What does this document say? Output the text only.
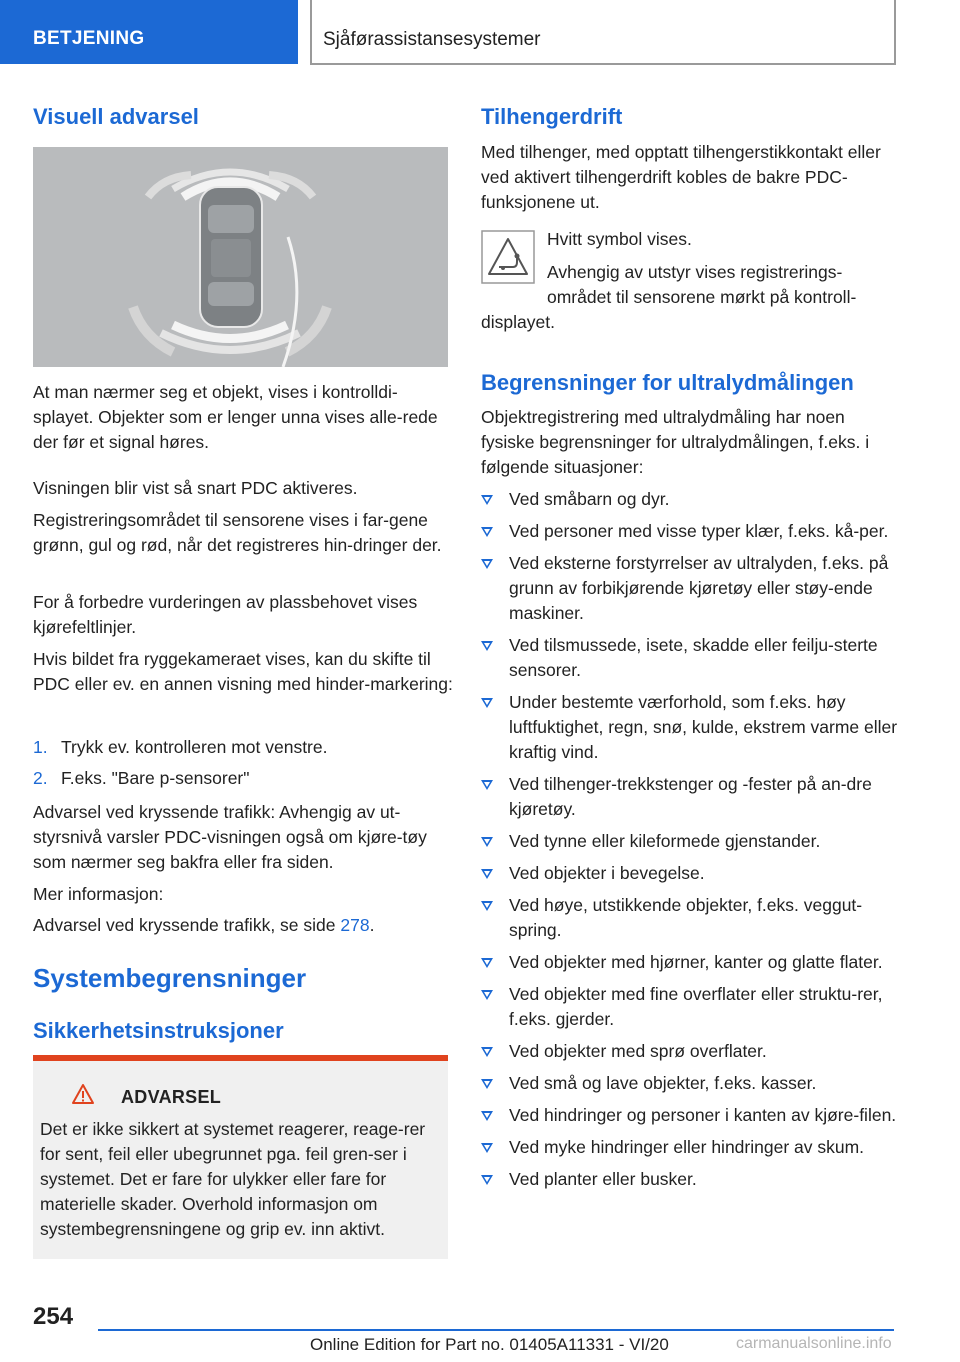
BETJENING	Sjåførassistansesystemer
Visuell advarsel

At man nærmer seg et objekt, vises i kontrolldi-splayet. Objekter som er lenger unna vises alle-rede der før et signal høres.

Visningen blir vist så snart PDC aktiveres.

Registreringsområdet til sensorene vises i far-gene grønn, gul og rød, når det registreres hin-dringer der.

For å forbedre vurderingen av plassbehovet vises kjørefeltlinjer.

Hvis bildet fra ryggekameraet vises, kan du skifte til PDC eller ev. en annen visning med hinder-markering:

1. Trykk ev. kontrolleren mot venstre.
2. F.eks. "Bare p-sensorer"

Advarsel ved kryssende trafikk: Avhengig av ut-styrsnivå varsler PDC-visningen også om kjøre-tøy som nærmer seg bakfra eller fra siden.

Mer informasjon:

Advarsel ved kryssende trafikk, se side 278.

Systembegrensninger
Sikkerhetsinstruksjoner
ADVARSEL

Det er ikke sikkert at systemet reagerer, reage-rer for sent, feil eller ubegrunnet pga. feil gren-ser i systemet. Det er fare for ulykker eller fare for materielle skader. Overhold informasjon om systembegrensningene og grip ev. inn aktivt.

Tilhengerdrift

Med tilhenger, med opptatt tilhengerstikkontakt eller ved aktivert tilhengerdrift kobles de bakre PDC-funksjonene ut.

Hvitt symbol vises.

Avhengig av utstyr vises registrerings-

området til sensorene mørkt på kontroll-

displayet.

Begrensninger for ultralydmålingen

Objektregistrering med ultralydmåling har noen fysiske begrensninger for ultralydmålingen, f.eks. i følgende situasjoner:

Ved småbarn og dyr.
Ved personer med visse typer klær, f.eks. kå-per.
Ved eksterne forstyrrelser av ultralyden, f.eks. på grunn av forbikjørende kjøretøy eller støy-ende maskiner.
Ved tilsmussede, isete, skadde eller feilju-sterte sensorer.
Under bestemte værforhold, som f.eks. høy luftfuktighet, regn, snø, kulde, ekstrem varme eller kraftig vind.
Ved tilhenger-trekkstenger og -fester på an-dre kjøretøy.
Ved tynne eller kileformede gjenstander.
Ved objekter i bevegelse.
Ved høye, utstikkende objekter, f.eks. veggut-spring.
Ved objekter med hjørner, kanter og glatte flater.
Ved objekter med fine overflater eller struktu-rer, f.eks. gjerder.
Ved objekter med sprø overflater.
Ved små og lave objekter, f.eks. kasser.
Ved hindringer og personer i kanten av kjøre-filen.
Ved myke hindringer eller hindringer av skum.
Ved planter eller busker.
254
Online Edition for Part no. 01405A11331 - VI/20	carmanualsonline.info
